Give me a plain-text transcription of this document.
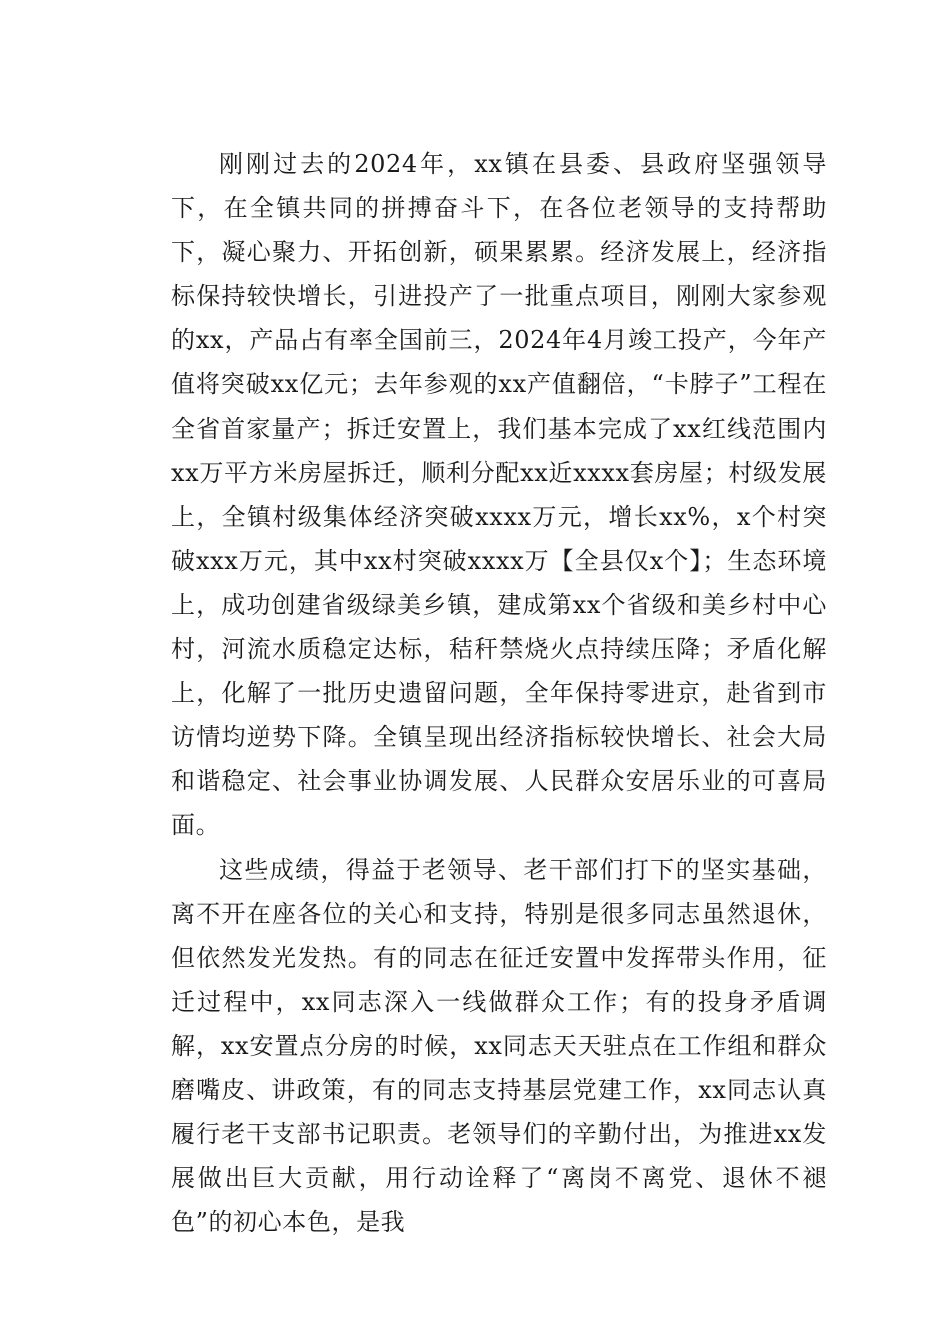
刚刚过去的2024年，xx镇在县委、县政府坚强领导下，在全镇共同的拼搏奋斗下，在各位老领导的支持帮助下，凝心聚力、开拓创新，硕果累累。经济发展上，经济指标保持较快增长，引进投产了一批重点项目，刚刚大家参观的xx，产品占有率全国前三，2024年4月竣工投产，今年产值将突破xx亿元；去年参观的xx产值翻倍，“卡脖子”工程在全省首家量产；拆迁安置上，我们基本完成了xx红线范围内xx万平方米房屋拆迁，顺利分配xx近xxxx套房屋；村级发展上，全镇村级集体经济突破xxxx万元，增长xx%，x个村突破xxx万元，其中xx村突破xxxx万【全县仅x个】；生态环境上，成功创建省级绿美乡镇，建成第xx个省级和美乡村中心村，河流水质稳定达标，秸秆禁烧火点持续压降；矛盾化解上，化解了一批历史遗留问题，全年保持零进京，赴省到市访情均逆势下降。全镇呈现出经济指标较快增长、社会大局和谐稳定、社会事业协调发展、人民群众安居乐业的可喜局面。

这些成绩，得益于老领导、老干部们打下的坚实基础，离不开在座各位的关心和支持，特别是很多同志虽然退休，但依然发光发热。有的同志在征迁安置中发挥带头作用，征迁过程中，xx同志深入一线做群众工作；有的投身矛盾调解，xx安置点分房的时候，xx同志天天驻点在工作组和群众磨嘴皮、讲政策，有的同志支持基层党建工作，xx同志认真履行老干支部书记职责。老领导们的辛勤付出，为推进xx发展做出巨大贡献，用行动诠释了“离岗不离党、退休不褪色”的初心本色，是我
